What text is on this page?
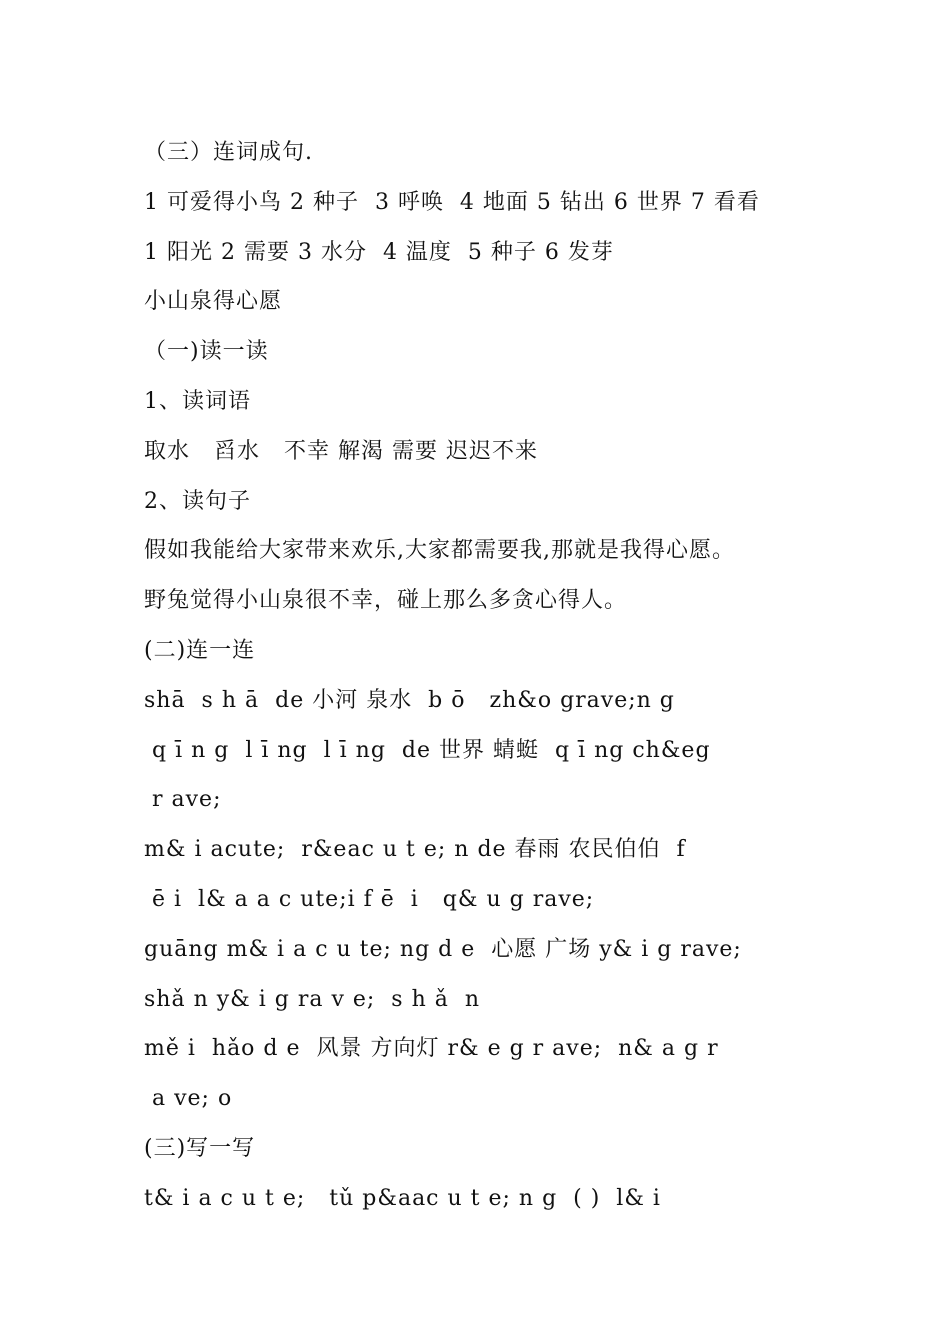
（三）连词成句.
1 可爱得小鸟 2 种子  3 呼唤  4 地面 5 钻出 6 世界 7 看看
1 阳光 2 需要 3 水分  4 温度  5 种子 6 发芽
小山泉得心愿
（一)读一读
1、读词语
取水   舀水   不幸 解渴 需要 迟迟不来
2、读句子
假如我能给大家带来欢乐,大家都需要我,那就是我得心愿。
野兔觉得小山泉很不幸，碰上那么多贪心得人。
(二)连一连
shā  s h ā  de 小河 泉水  b ō   zh&o grave;n g
q ī n g  l ī ng  l ī ng  de 世界 蜻蜓  q ī ng ch&eg
r ave;
m& i acute;  r&eac u t e; n de 春雨 农民伯伯  f
ē i  l& a a c ute;i f ē  i   q& u g rave;
guāng m& i a c u te; ng d e  心愿 广场 y& i g rave;
shǎ n y& i g ra v e;  s h ǎ  n
mě i  hǎo d e  风景 方向灯 r& e g r ave;  n& a g r
a ve; o
(三)写一写
t& i a c u t e;   tǔ p&aac u t e; n g  ( )  l& i
